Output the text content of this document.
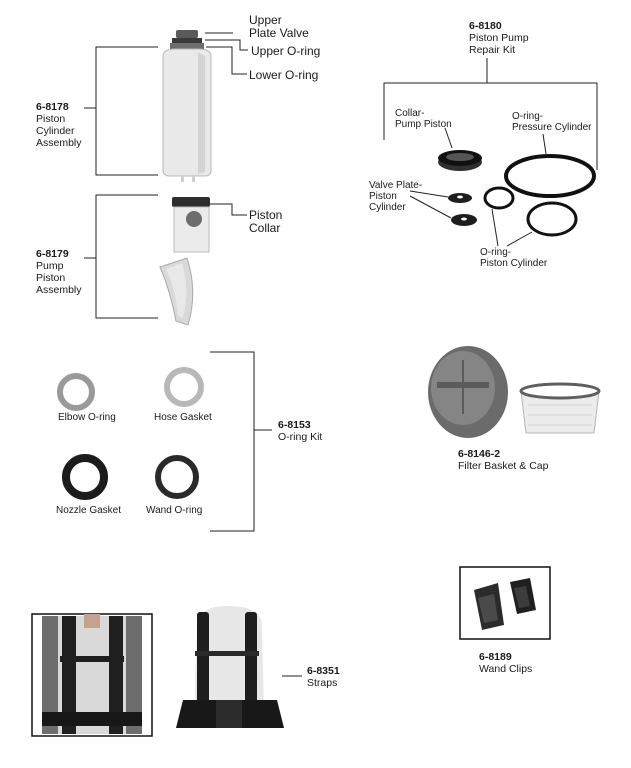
Upper
Plate Valve
Upper O-ring
Lower O-ring
6-8178
Piston
Cylinder
Assembly
Piston
Collar
6-8179
Pump
Piston
Assembly
6-8180
Piston Pump
Repair Kit
Collar-
Pump Piston
O-ring-
Pressure Cylinder
Valve Plate-
Piston
Cylinder
O-ring-
Piston Cylinder
Elbow O-ring	Hose Gasket
Nozzle Gasket Wand O-ring
6-8153
O-ring Kit
6-8146-2
Filter Basket & Cap
6-8189
Wand Clips
6-8351
Straps
